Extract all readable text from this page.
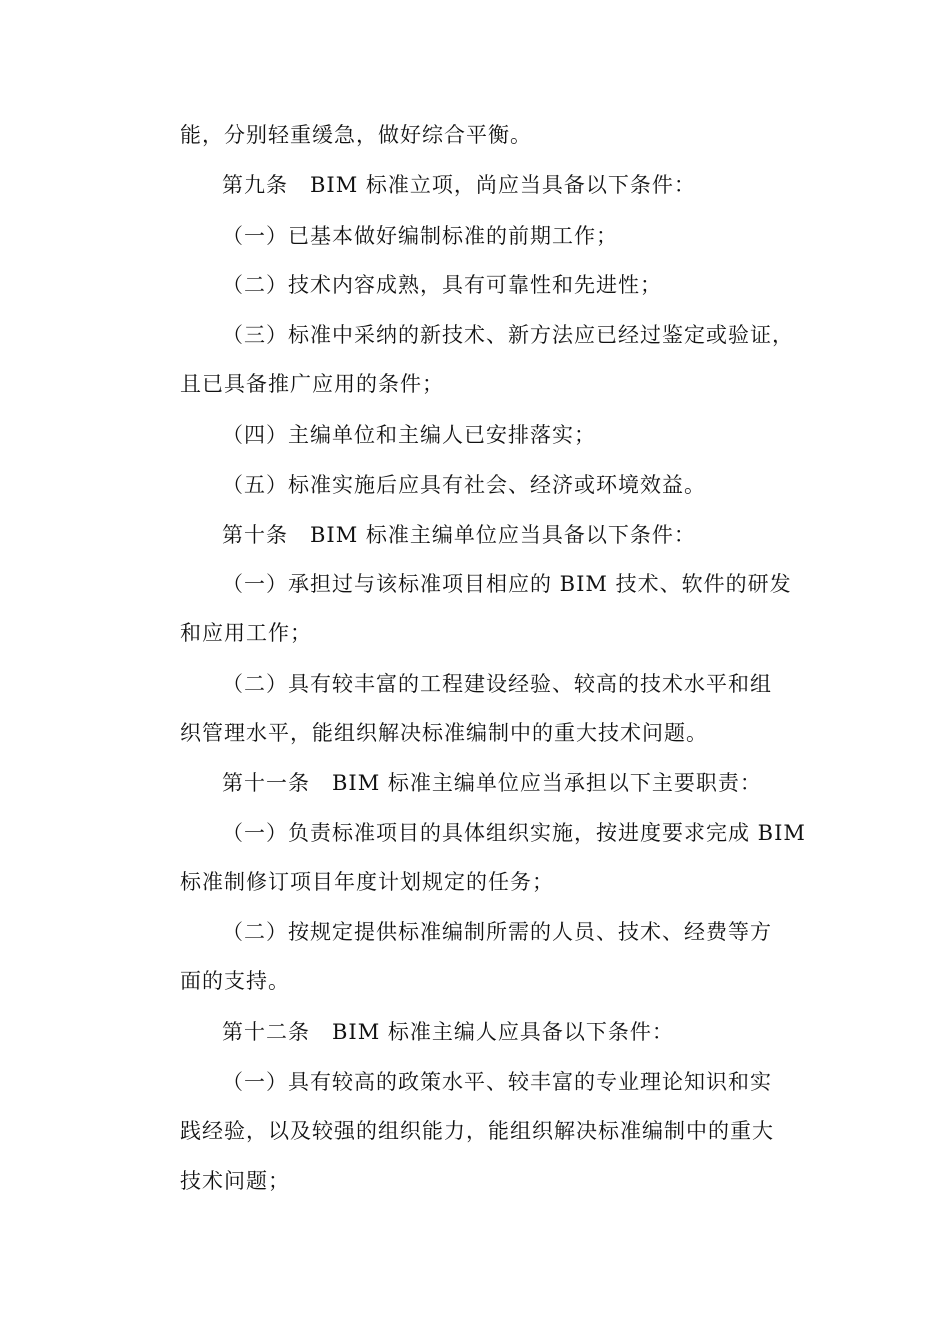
能，分别轻重缓急，做好综合平衡。
第九条　BIM 标准立项，尚应当具备以下条件：
（一）已基本做好编制标准的前期工作；
（二）技术内容成熟，具有可靠性和先进性；
（三）标准中采纳的新技术、新方法应已经过鉴定或验证，
且已具备推广应用的条件；
（四）主编单位和主编人已安排落实；
（五）标准实施后应具有社会、经济或环境效益。
第十条　BIM 标准主编单位应当具备以下条件：
（一）承担过与该标准项目相应的 BIM 技术、软件的研发
和应用工作；
（二）具有较丰富的工程建设经验、较高的技术水平和组
织管理水平，能组织解决标准编制中的重大技术问题。
第十一条　BIM 标准主编单位应当承担以下主要职责：
（一）负责标准项目的具体组织实施，按进度要求完成 BIM
标准制修订项目年度计划规定的任务；
（二）按规定提供标准编制所需的人员、技术、经费等方
面的支持。
第十二条　BIM 标准主编人应具备以下条件：
（一）具有较高的政策水平、较丰富的专业理论知识和实
践经验，以及较强的组织能力，能组织解决标准编制中的重大
技术问题；
